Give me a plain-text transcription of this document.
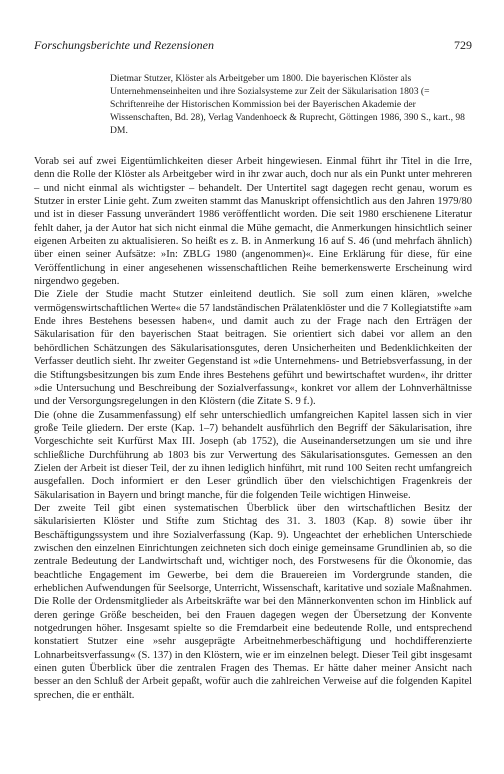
Forschungsberichte und Rezensionen	729
Dietmar Stutzer, Klöster als Arbeitgeber um 1800. Die bayerischen Klöster als Unternehmenseinheiten und ihre Sozialsysteme zur Zeit der Säkularisation 1803 (= Schriftenreihe der Historischen Kommission bei der Bayerischen Akademie der Wissenschaften, Bd. 28), Verlag Vandenhoeck & Ruprecht, Göttingen 1986, 390 S., kart., 98 DM.

Vorab sei auf zwei Eigentümlichkeiten dieser Arbeit hingewiesen. Einmal führt ihr Titel in die Irre, denn die Rolle der Klöster als Arbeitgeber wird in ihr zwar auch, doch nur als ein Punkt unter mehreren – und nicht einmal als wichtigster – behandelt. Der Untertitel sagt dagegen recht genau, worum es Stutzer in erster Linie geht. Zum zweiten stammt das Manuskript offensichtlich aus den Jahren 1979/80 und ist in dieser Fassung unverändert 1986 veröffentlicht worden. Die seit 1980 erschienene Literatur fehlt daher, ja der Autor hat sich nicht einmal die Mühe gemacht, die Anmerkungen hinsichtlich seiner eigenen Arbeiten zu aktualisieren. So heißt es z. B. in Anmerkung 16 auf S. 46 (und mehrfach ähnlich) über einen seiner Aufsätze: »In: ZBLG 1980 (angenommen)«. Eine Erklärung für diese, für eine Veröffentlichung in einer angesehenen wissenschaftlichen Reihe bemerkenswerte Erscheinung wird nirgendwo gegeben.

Die Ziele der Studie macht Stutzer einleitend deutlich. Sie soll zum einen klären, »welche vermögenswirtschaftlichen Werte« die 57 landständischen Prälatenklöster und die 7 Kollegiatstifte »am Ende ihres Bestehens besessen haben«, und damit auch zu der Frage nach den Erträgen der Säkularisation für den bayerischen Staat beitragen. Sie orientiert sich dabei vor allem an den behördlichen Schätzungen des Säkularisationsgutes, deren Unsicherheiten und Bedenklichkeiten der Verfasser deutlich sieht. Ihr zweiter Gegenstand ist »die Unternehmens- und Betriebsverfassung, in der die Stiftungsbesitzungen bis zum Ende ihres Bestehens geführt und bewirtschaftet wurden«, ihr dritter »die Untersuchung und Beschreibung der Sozialverfassung«, konkret vor allem der Lohnverhältnisse und der Versorgungsregelungen in den Klöstern (die Zitate S. 9 f.).

Die (ohne die Zusammenfassung) elf sehr unterschiedlich umfangreichen Kapitel lassen sich in vier große Teile gliedern. Der erste (Kap. 1–7) behandelt ausführlich den Begriff der Säkularisation, ihre Vorgeschichte seit Kurfürst Max III. Joseph (ab 1752), die Auseinandersetzungen um sie und ihre schließliche Durchführung ab 1803 bis zur Verwertung des Säkularisationsgutes. Gemessen an den Zielen der Arbeit ist dieser Teil, der zu ihnen lediglich hinführt, mit rund 100 Seiten recht umfangreich ausgefallen. Doch informiert er den Leser gründlich über den vielschichtigen Fragenkreis der Säkularisation in Bayern und bringt manche, für die folgenden Teile wichtigen Hinweise.

Der zweite Teil gibt einen systematischen Überblick über den wirtschaftlichen Besitz der säkularisierten Klöster und Stifte zum Stichtag des 31. 3. 1803 (Kap. 8) sowie über ihr Beschäftigungssystem und ihre Sozialverfassung (Kap. 9). Ungeachtet der erheblichen Unterschiede zwischen den einzelnen Einrichtungen zeichneten sich doch einige gemeinsame Grundlinien ab, so die zentrale Bedeutung der Landwirtschaft und, wichtiger noch, des Forstwesens für die Ökonomie, das beachtliche Engagement im Gewerbe, bei dem die Brauereien im Vordergrunde standen, die erheblichen Aufwendungen für Seelsorge, Unterricht, Wissenschaft, karitative und soziale Maßnahmen. Die Rolle der Ordensmitglieder als Arbeitskräfte war bei den Männerkonventen schon im Hinblick auf deren geringe Größe bescheiden, bei den Frauen dagegen wegen der Übersetzung der Konvente notgedrungen höher. Insgesamt spielte so die Fremdarbeit eine bedeutende Rolle, und entsprechend konstatiert Stutzer eine »sehr ausgeprägte Arbeitnehmerbeschäftigung und hochdifferenzierte Lohnarbeitsverfassung« (S. 137) in den Klöstern, wie er im einzelnen belegt. Dieser Teil gibt insgesamt einen guten Überblick über die zentralen Fragen des Themas. Er hätte daher meiner Ansicht nach besser an den Schluß der Arbeit gepaßt, wofür auch die zahlreichen Verweise auf die folgenden Kapitel sprechen, die er enthält.
